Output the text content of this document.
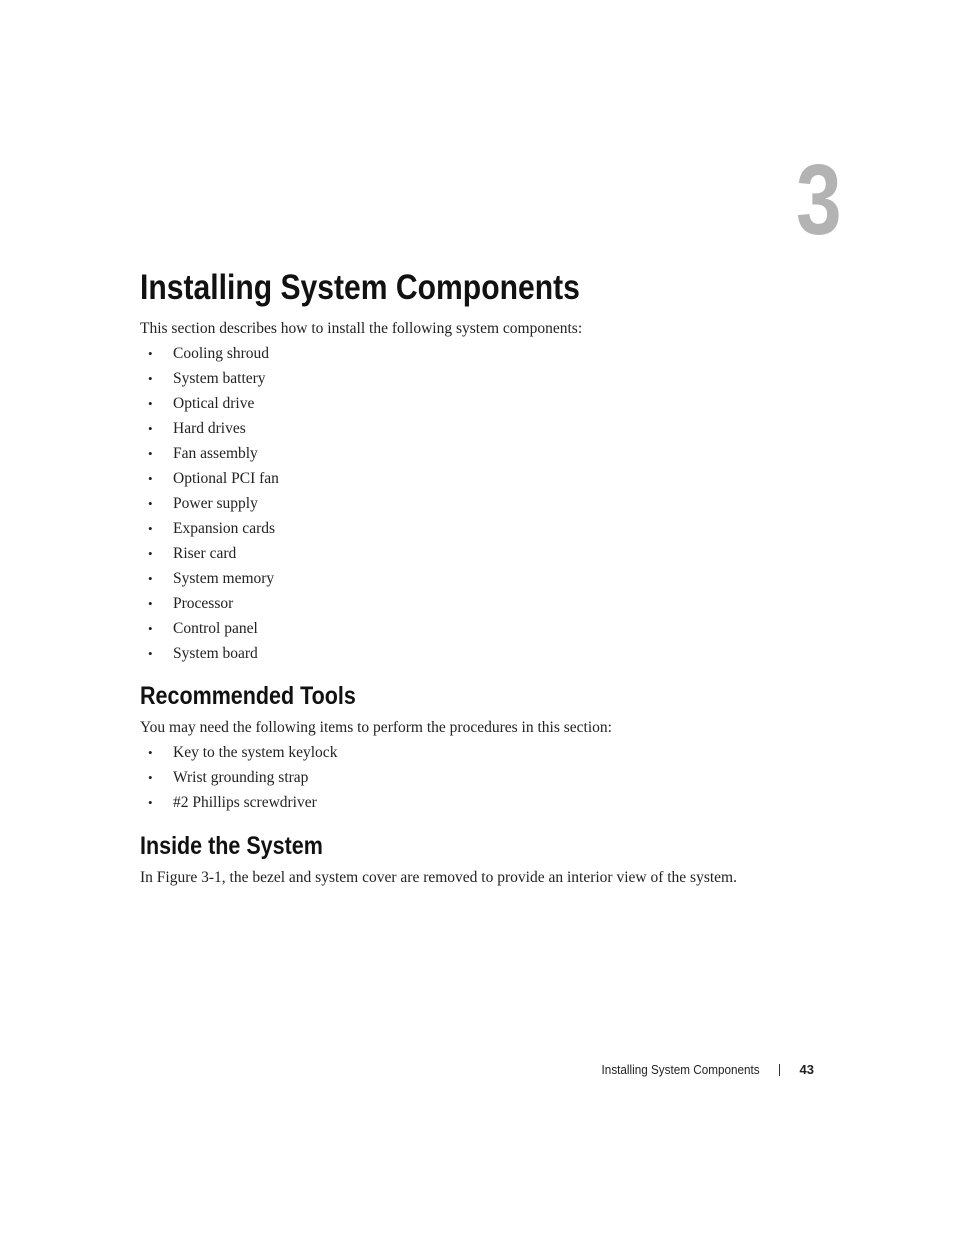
3
Installing System Components

This section describes how to install the following system components:

• Cooling shroud
• System battery
• Optical drive
• Hard drives
• Fan assembly
• Optional PCI fan
• Power supply
• Expansion cards
• Riser card
• System memory
• Processor
• Control panel
• System board
Recommended Tools

You may need the following items to perform the procedures in this section:

• Key to the system keylock
• Wrist grounding strap
• #2 Phillips screwdriver
Inside the System

In Figure 3-1, the bezel and system cover are removed to provide an interior view of the system.

Installing System Components	43
